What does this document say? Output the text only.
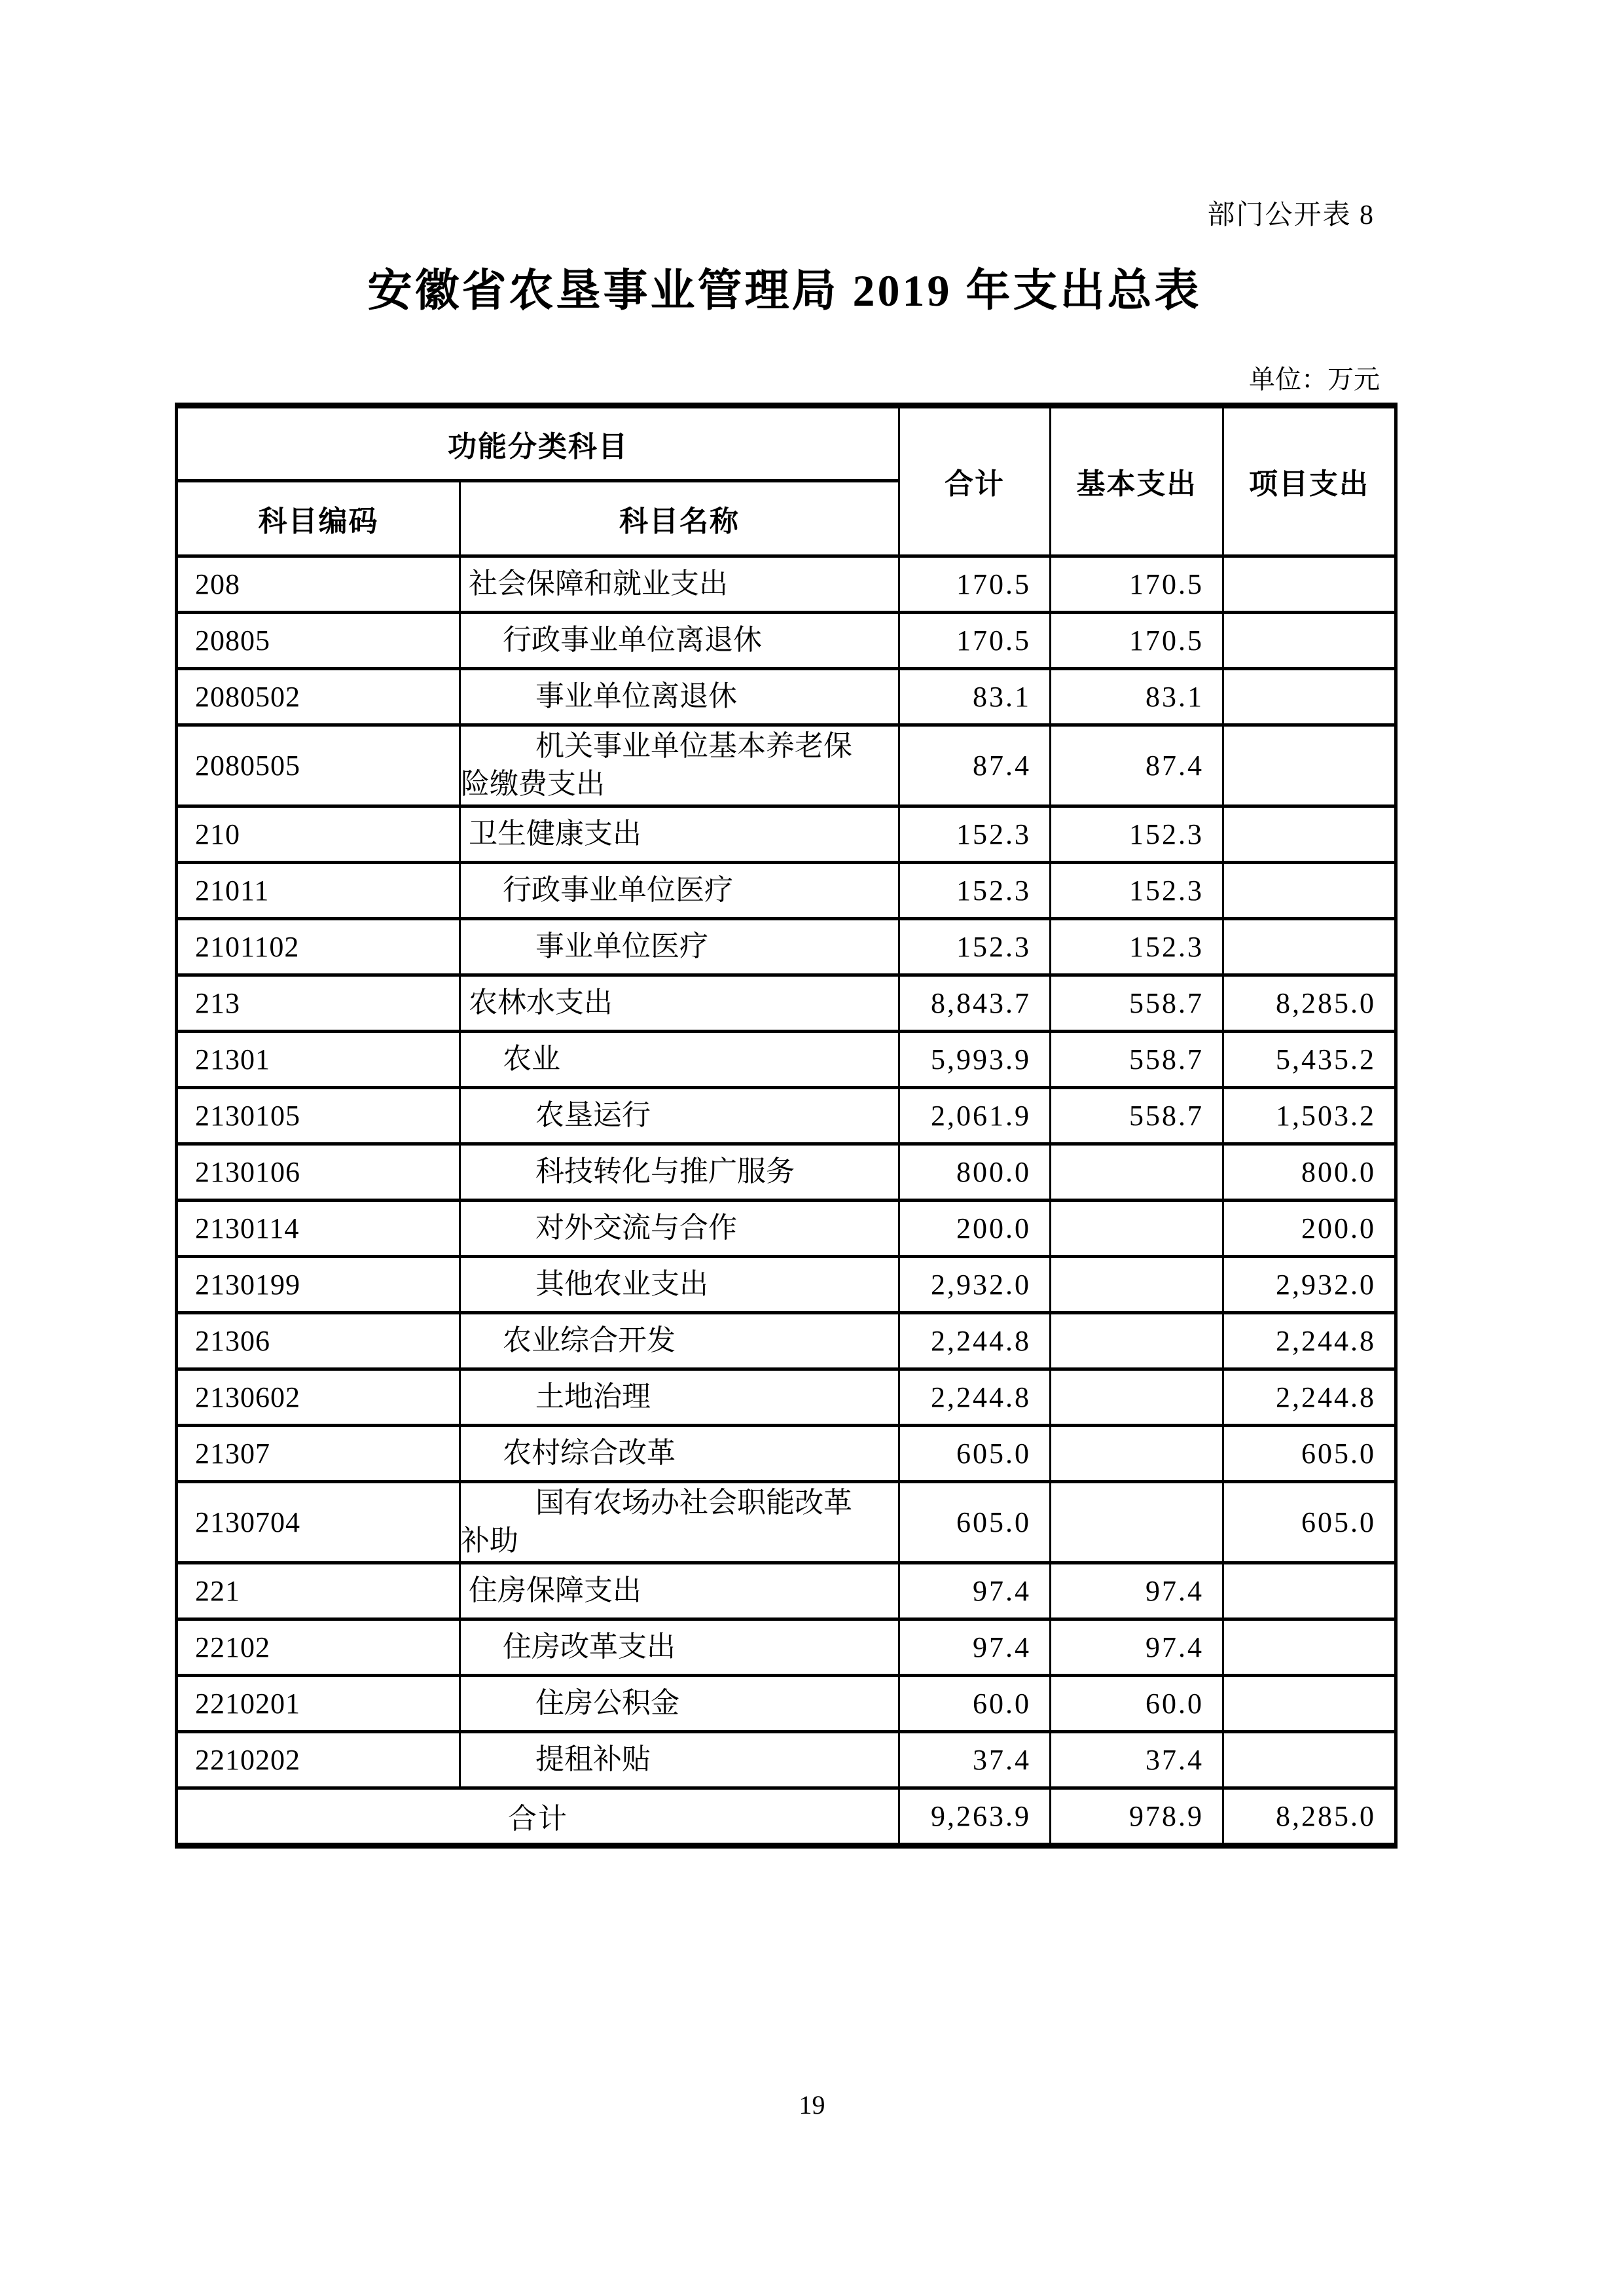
部门公开表 8
安徽省农垦事业管理局 2019 年支出总表
单位：万元
功能分类科目		合计	基本支出	项目支出
科目编码	科目名称			
208	社会保障和就业支出	170.5	170.5	
20805	行政事业单位离退休	170.5	170.5	
2080502	事业单位离退休	83.1	83.1	
2080505	机关事业单位基本养老保险缴费支出	87.4	87.4	
210	卫生健康支出	152.3	152.3	
21011	行政事业单位医疗	152.3	152.3	
2101102	事业单位医疗	152.3	152.3	
213	农林水支出	8,843.7	558.7	8,285.0
21301	农业	5,993.9	558.7	5,435.2
2130105	农垦运行	2,061.9	558.7	1,503.2
2130106	科技转化与推广服务	800.0		800.0
2130114	对外交流与合作	200.0		200.0
2130199	其他农业支出	2,932.0		2,932.0
21306	农业综合开发	2,244.8		2,244.8
2130602	土地治理	2,244.8		2,244.8
21307	农村综合改革	605.0		605.0
2130704	国有农场办社会职能改革补助	605.0		605.0
221	住房保障支出	97.4	97.4	
22102	住房改革支出	97.4	97.4	
2210201	住房公积金	60.0	60.0	
2210202	提租补贴	37.4	37.4	
合计		9,263.9	978.9	8,285.0
19
